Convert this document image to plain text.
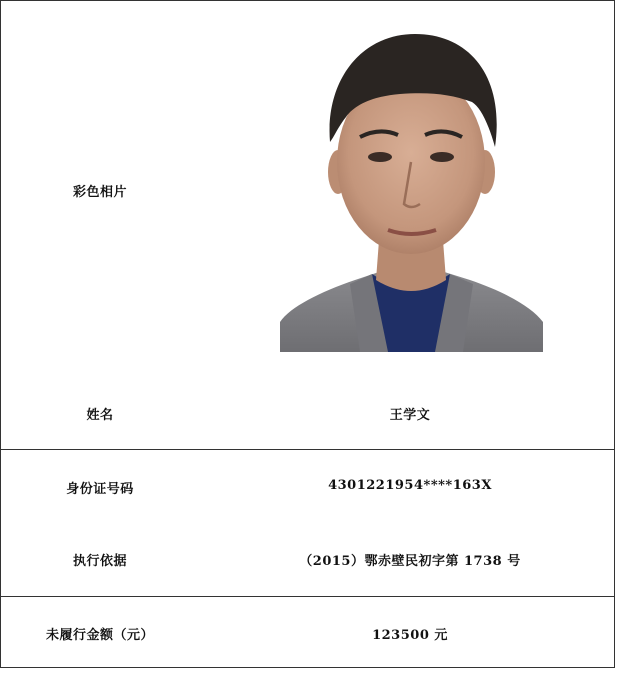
彩色相片
姓名	王学文
身份证号码	4301221954****163X
执行依据	（2015）鄂赤壁民初字第 1738 号
未履行金额（元）	123500 元
